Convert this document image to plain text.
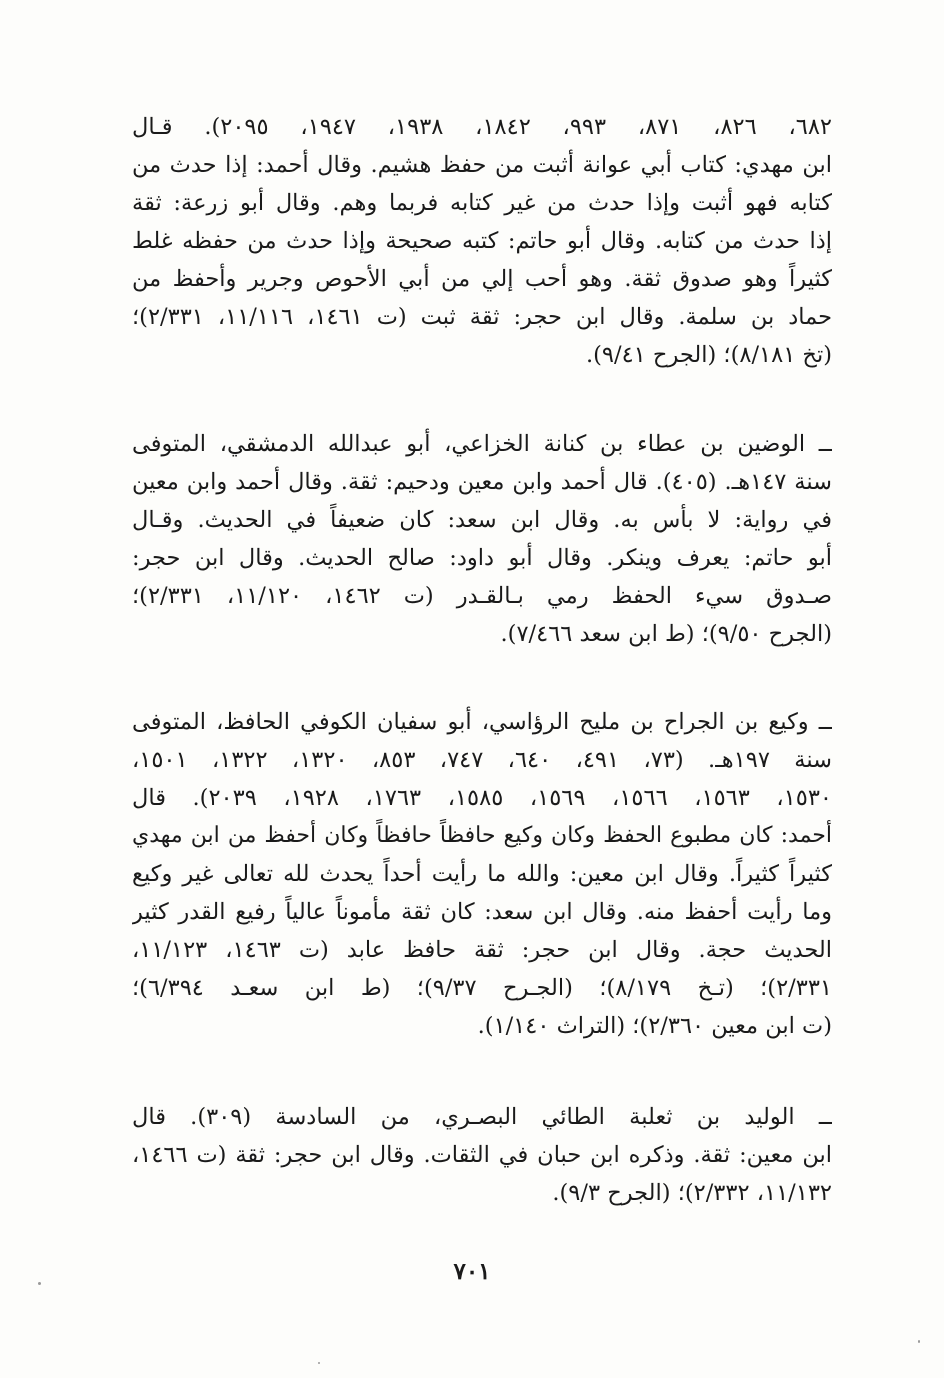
٦٨٢، ٨٢٦، ٨٧١، ٩٩٣، ١٨٤٢، ١٩٣٨، ١٩٤٧، ٢٠٩٥). قـال
ابن مهدي: كتاب أبي عوانة أثبت من حفظ هشيم. وقال أحمد: إذا حدث من
كتابه فهو أثبت وإذا حدث من غير كتابه فربما وهم. وقال أبو زرعة: ثقة
إذا حدث من كتابه. وقال أبو حاتم: كتبه صحيحة وإذا حدث من حفظه غلط
كثيراً وهو صدوق ثقة. وهو أحب إلي من أبي الأحوص وجرير وأحفظ من
حماد بن سلمة. وقال ابن حجر: ثقة ثبت (ت ١٤٦١، ١١/١١٦، ٢/٣٣١)؛
(تخ ٨/١٨١)؛ (الجرح ٩/٤١).
ــ الوضين بن عطاء بن كنانة الخزاعي، أبو عبدالله الدمشقي، المتوفى
سنة ١٤٧هـ. (٤٠٥). قال أحمد وابن معين ودحيم: ثقة. وقال أحمد وابن معين
في رواية: لا بأس به. وقال ابن سعد: كان ضعيفاً في الحديث. وقـال
أبو حاتم: يعرف وينكر. وقال أبو داود: صالح الحديث. وقال ابن حجر:
صـدوق سيء الحفظ رمي بـالقـدر (ت ١٤٦٢، ١١/١٢٠، ٢/٣٣١)؛
(الجرح ٩/٥٠)؛ (ط ابن سعد ٧/٤٦٦).
ــ وكيع بن الجراح بن مليح الرؤاسي، أبو سفيان الكوفي الحافظ، المتوفى
سنة ١٩٧هـ. (٧٣، ٤٩١، ٦٤٠، ٧٤٧، ٨٥٣، ١٣٢٠، ١٣٢٢، ١٥٠١،
١٥٣٠، ١٥٦٣، ١٥٦٦، ١٥٦٩، ١٥٨٥، ١٧٦٣، ١٩٢٨، ٢٠٣٩). قال
أحمد: كان مطبوع الحفظ وكان وكيع حافظاً حافظاً وكان أحفظ من ابن مهدي
كثيراً كثيراً. وقال ابن معين: والله ما رأيت أحداً يحدث لله تعالى غير وكيع
وما رأيت أحفظ منه. وقال ابن سعد: كان ثقة مأموناً عالياً رفيع القدر كثير
الحديث حجة. وقال ابن حجر: ثقة حافظ عابد (ت ١٤٦٣، ١١/١٢٣،
٢/٣٣١)؛ (تـخ ٨/١٧٩)؛ (الجـرح ٩/٣٧)؛ (ط ابن سعـد ٦/٣٩٤)؛
(ت ابن معين ٢/٣٦٠)؛ (التراث ١/١٤٠).
ــ الوليد بن ثعلبة الطائي البصـري، من السادسة (٣٠٩). قال
ابن معين: ثقة. وذكره ابن حبان في الثقات. وقال ابن حجر: ثقة (ت ١٤٦٦،
١١/١٣٢، ٢/٣٣٢)؛ (الجرح ٩/٣).
٧٠١
